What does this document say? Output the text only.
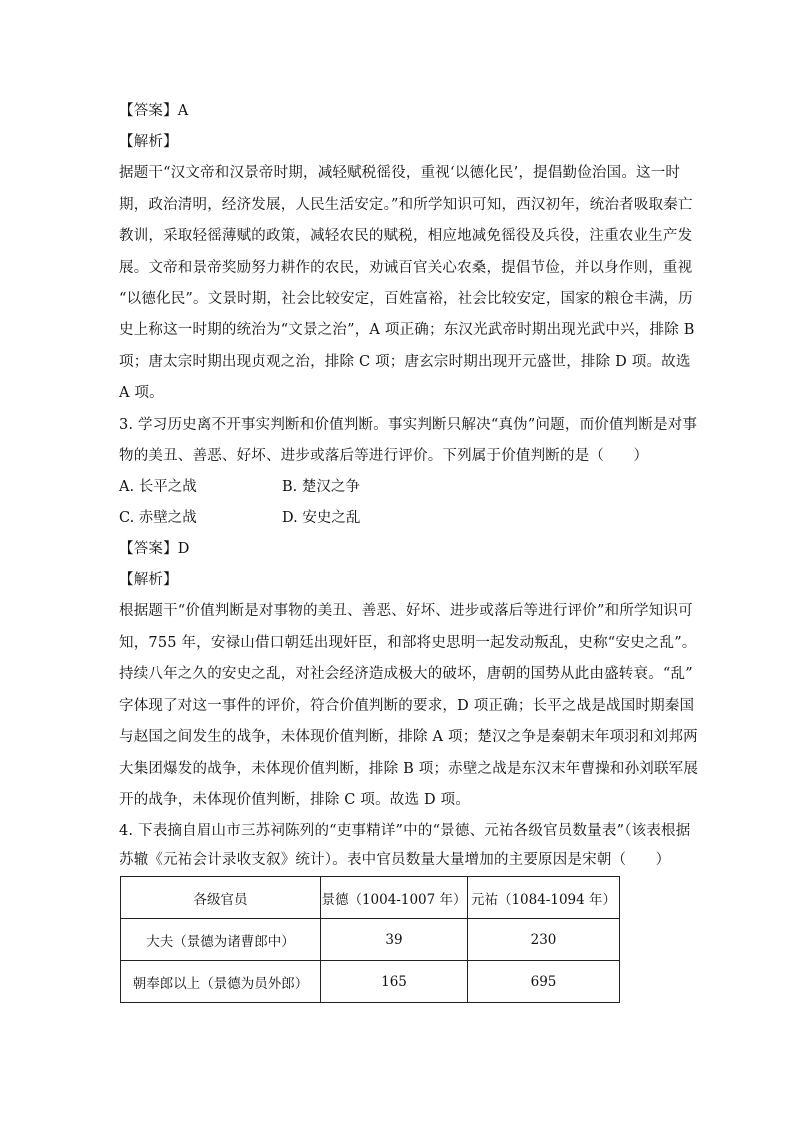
【答案】A
【解析】
据题干“汉文帝和汉景帝时期，减轻赋税徭役，重视‘以德化民’，提倡勤俭治国。这一时
期，政治清明，经济发展，人民生活安定。”和所学知识可知，西汉初年，统治者吸取秦亡
教训，采取轻徭薄赋的政策，减轻农民的赋税，相应地减免徭役及兵役，注重农业生产发
展。文帝和景帝奖励努力耕作的农民，劝诫百官关心农桑，提倡节俭，并以身作则，重视
“以德化民”。文景时期，社会比较安定，百姓富裕，社会比较安定，国家的粮仓丰满，历
史上称这一时期的统治为“文景之治”，A 项正确；东汉光武帝时期出现光武中兴，排除 B
项；唐太宗时期出现贞观之治，排除 C 项；唐玄宗时期出现开元盛世，排除 D 项。故选
A 项。
3. 学习历史离不开事实判断和价值判断。事实判断只解决“真伪”问题，而价值判断是对事
物的美丑、善恶、好坏、进步或落后等进行评价。下列属于价值判断的是（　　）
A. 长平之战	B. 楚汉之争
C. 赤壁之战	D. 安史之乱
【答案】D
【解析】
根据题干“价值判断是对事物的美丑、善恶、好坏、进步或落后等进行评价”和所学知识可
知，755 年，安禄山借口朝廷出现奸臣，和部将史思明一起发动叛乱，史称“安史之乱”。
持续八年之久的安史之乱，对社会经济造成极大的破坏，唐朝的国势从此由盛转衰。“乱”
字体现了对这一事件的评价，符合价值判断的要求，D 项正确；长平之战是战国时期秦国
与赵国之间发生的战争，未体现价值判断，排除 A 项；楚汉之争是秦朝末年项羽和刘邦两
大集团爆发的战争，未体现价值判断，排除 B 项；赤壁之战是东汉末年曹操和孙刘联军展
开的战争，未体现价值判断，排除 C 项。故选 D 项。
4. 下表摘自眉山市三苏祠陈列的“吏事精详”中的“景德、元祐各级官员数量表”（该表根据
苏辙《元祐会计录收支叙》统计）。表中官员数量大量增加的主要原因是宋朝（　　）
各级官员	景德（1004-1007 年）	元祐（1084-1094 年）
大夫（景德为诸曹郎中）	39	230
朝奉郎以上（景德为员外郎）	165	695
